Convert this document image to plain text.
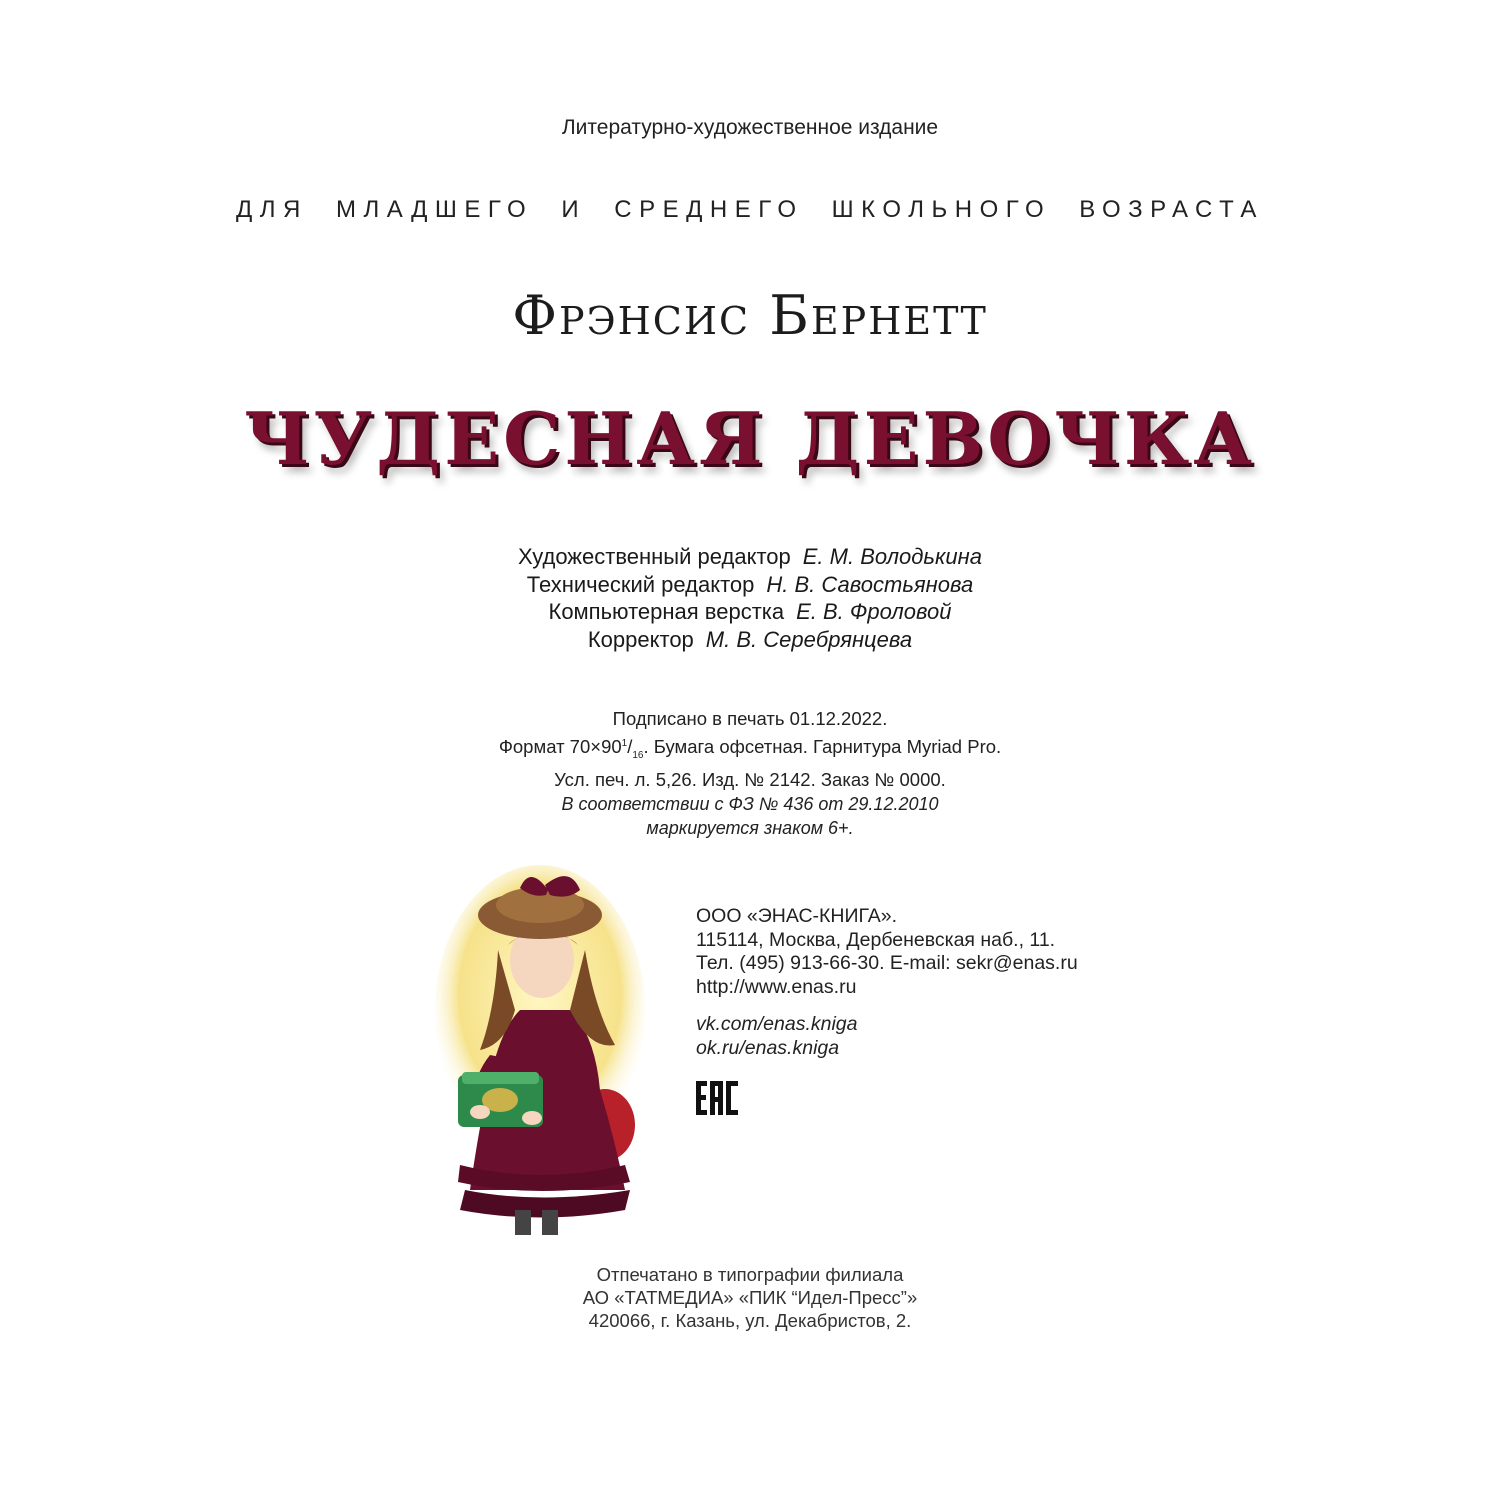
Литературно-художественное издание
ДЛЯ МЛАДШЕГО И СРЕДНЕГО ШКОЛЬНОГО ВОЗРАСТА
Фрэнсис Бернетт
ЧУДЕСНАЯ ДЕВОЧКА
Художественный редактор Е. М. Володькина
Технический редактор Н. В. Савостьянова
Компьютерная верстка Е. В. Фроловой
Корректор М. В. Серебрянцева
Подписано в печать 01.12.2022.
Формат $70\times 90^1/_{16}$. Бумага офсетная. Гарнитура Myriad Pro.
Усл. печ. л. 5,26. Изд. № 2142. Заказ № 0000.
В соответствии с ФЗ № 436 от 29.12.2010
маркируется знаком 6+.
ООО «ЭНАС-КНИГА».
115114, Москва, Дербеневская наб., 11.
Тел. (495) 913-66-30. E-mail: sekr@enas.ru
http://www.enas.ru
vk.com/enas.kniga
ok.ru/enas.kniga
Отпечатано в типографии филиала
АО «ТАТМЕДИА» «ПИК “Идел-Пресс”»
420066, г. Казань, ул. Декабристов, 2.
